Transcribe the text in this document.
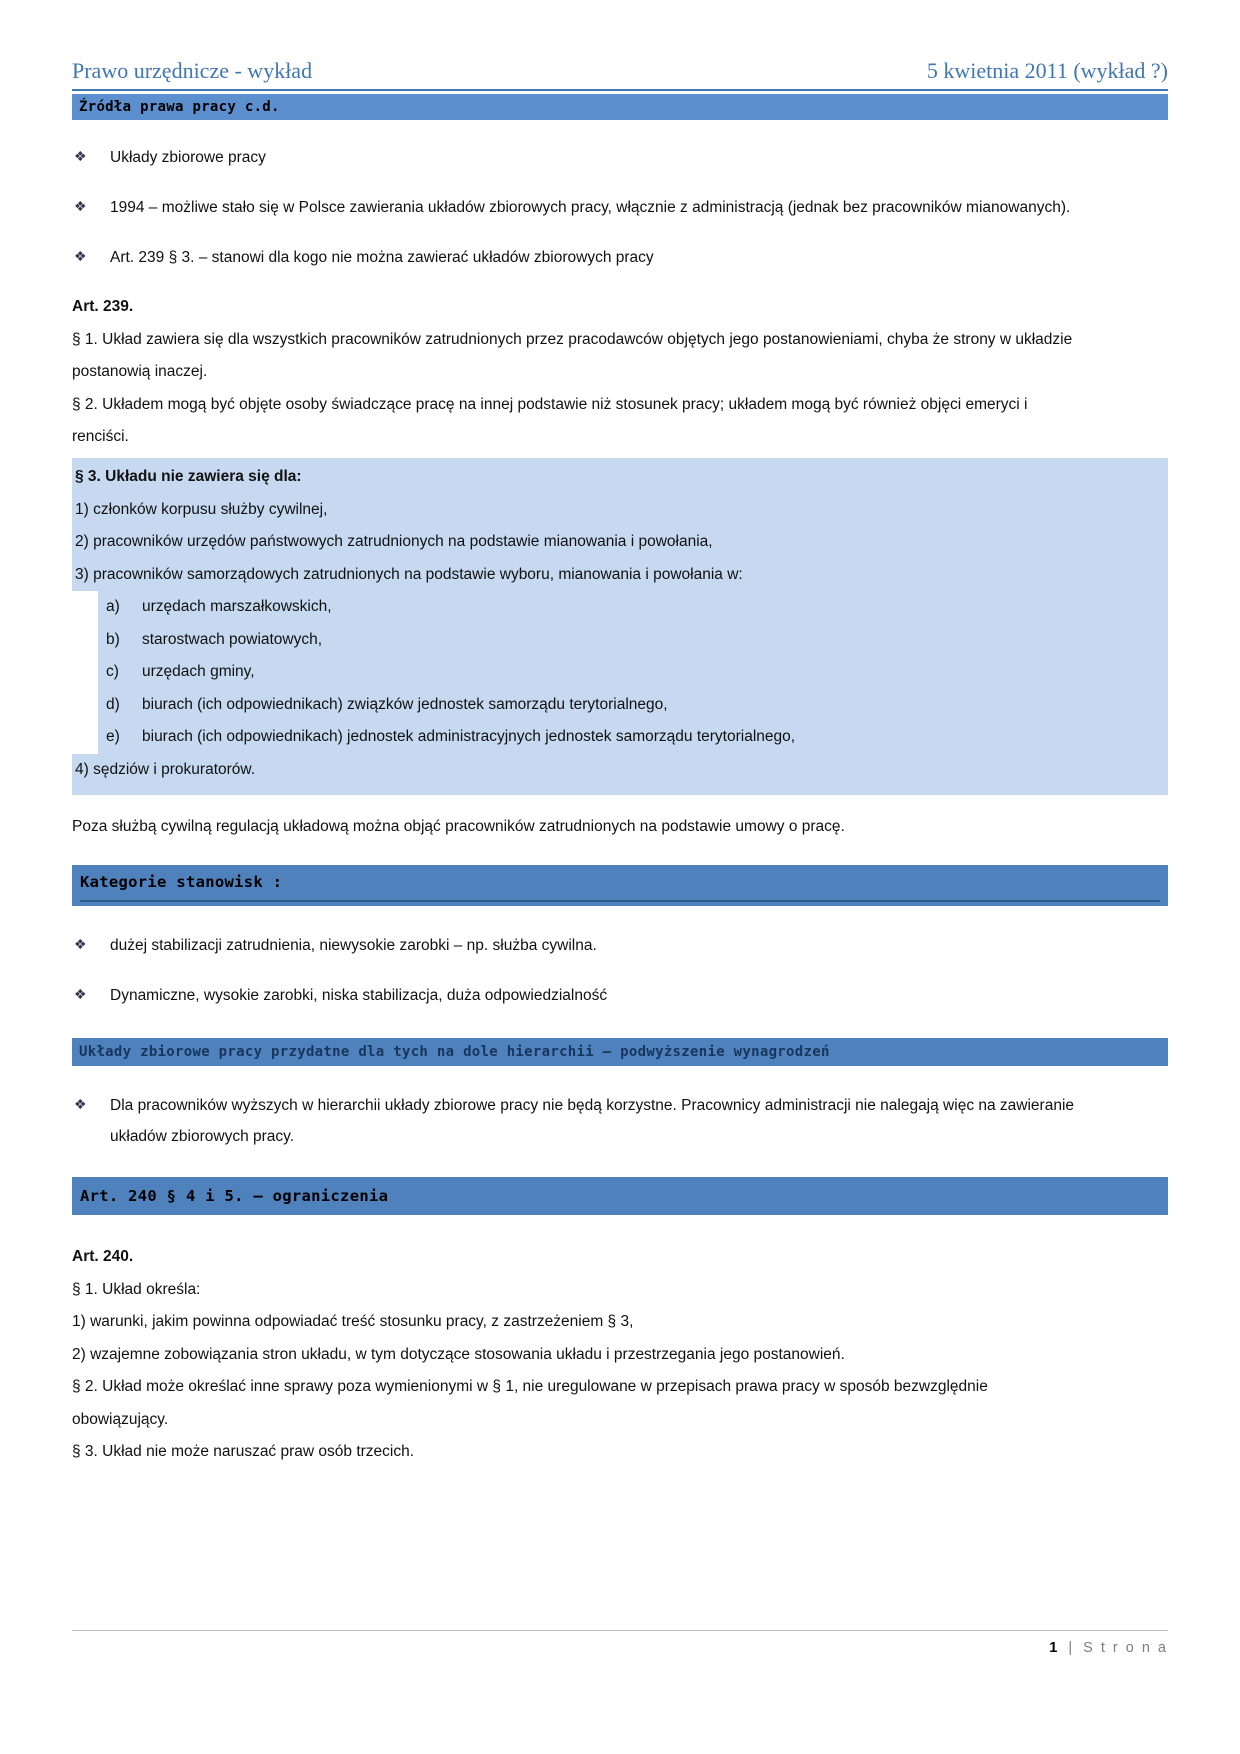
Prawo urzędnicze - wykład	5 kwietnia 2011 (wykład ?)
Źródła prawa pracy c.d.
❖	Układy zbiorowe pracy
❖	1994 – możliwe stało się w Polsce zawierania układów zbiorowych pracy, włącznie z administracją (jednak bez pracowników mianowanych).
❖	Art. 239 § 3. – stanowi dla kogo nie można zawierać układów zbiorowych pracy

Art. 239.

§ 1. Układ zawiera się dla wszystkich pracowników zatrudnionych przez pracodawców objętych jego postanowieniami, chyba że strony w układzie postanowią inaczej.

§ 2. Układem mogą być objęte osoby świadczące pracę na innej podstawie niż stosunek pracy; układem mogą być również objęci emeryci i renciści.

§ 3. Układu nie zawiera się dla:
1) członków korpusu służby cywilnej,
2) pracowników urzędów państwowych zatrudnionych na podstawie mianowania i powołania,
3) pracowników samorządowych zatrudnionych na podstawie wyboru, mianowania i powołania w:
a)	urzędach marszałkowskich,
b)	starostwach powiatowych,
c)	urzędach gminy,
d)	biurach (ich odpowiednikach) związków jednostek samorządu terytorialnego,
e)	biurach (ich odpowiednikach) jednostek administracyjnych jednostek samorządu terytorialnego,
4) sędziów i prokuratorów.

Poza służbą cywilną regulacją układową można objąć pracowników zatrudnionych na podstawie umowy o pracę.

Kategorie stanowisk :
❖	dużej stabilizacji zatrudnienia, niewysokie zarobki – np. służba cywilna.
❖	Dynamiczne, wysokie zarobki, niska stabilizacja, duża odpowiedzialność
Układy zbiorowe pracy przydatne dla tych na dole hierarchii – podwyższenie wynagrodzeń
❖	Dla pracowników wyższych w hierarchii układy zbiorowe pracy nie będą korzystne. Pracownicy administracji nie nalegają więc na zawieranie układów zbiorowych pracy.
Art. 240 § 4 i 5. – ograniczenia

Art. 240.

§ 1. Układ określa:

1) warunki, jakim powinna odpowiadać treść stosunku pracy, z zastrzeżeniem § 3,

2) wzajemne zobowiązania stron układu, w tym dotyczące stosowania układu i przestrzegania jego postanowień.

§ 2. Układ może określać inne sprawy poza wymienionymi w § 1, nie uregulowane w przepisach prawa pracy w sposób bezwzględnie obowiązujący.

§ 3. Układ nie może naruszać praw osób trzecich.

1 | S t r o n a
